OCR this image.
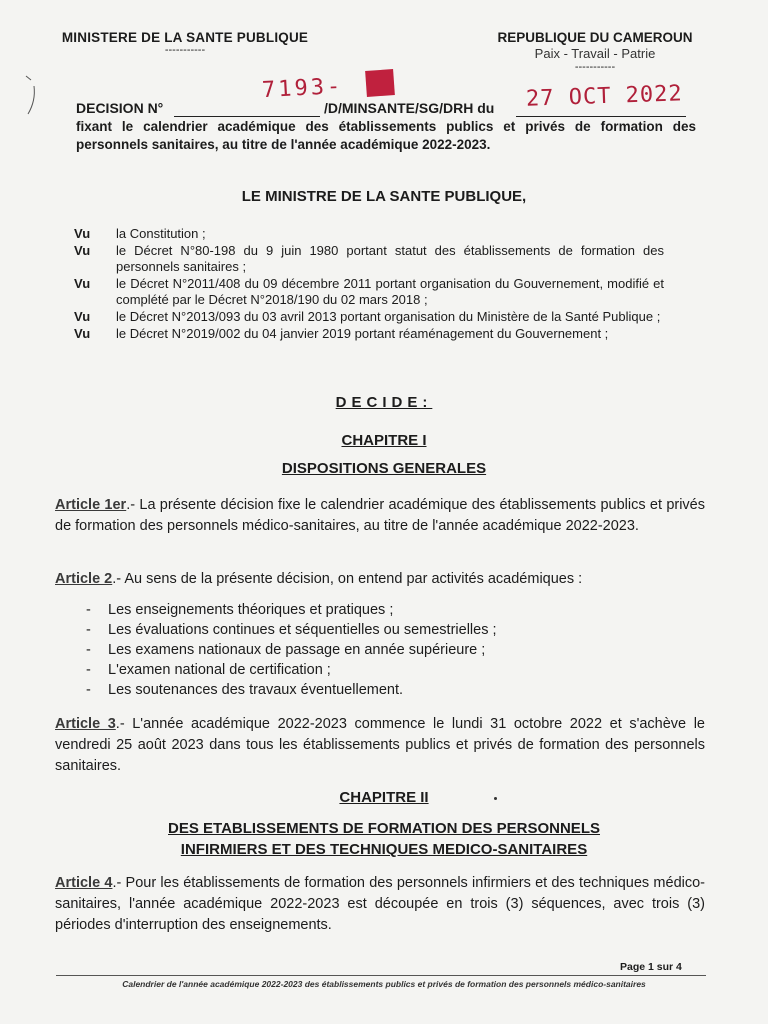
MINISTERE DE LA SANTE PUBLIQUE
-----------
REPUBLIQUE DU CAMEROUN
Paix - Travail - Patrie
-----------
DECISION N°
7193-
/D/MINSANTE/SG/DRH du 27 OCT 2022
fixant le calendrier académique des établissements publics et privés de formation des personnels sanitaires, au titre de l'année académique 2022-2023.
LE MINISTRE DE LA SANTE PUBLIQUE,
Vu	la Constitution ;
Vu	le Décret N°80-198 du 9 juin 1980 portant statut des établissements de formation des personnels sanitaires ;
Vu	le Décret N°2011/408 du 09 décembre 2011 portant organisation du Gouvernement, modifié et complété par le Décret N°2018/190 du 02 mars 2018 ;
Vu	le Décret N°2013/093 du 03 avril 2013 portant organisation du Ministère de la Santé Publique ;
Vu	le Décret N°2019/002 du 04 janvier 2019 portant réaménagement du Gouvernement ;
DECIDE:
CHAPITRE I
DISPOSITIONS GENERALES
Article 1er.- La présente décision fixe le calendrier académique des établissements publics et privés de formation des personnels médico-sanitaires, au titre de l'année académique 2022-2023.
Article 2.- Au sens de la présente décision, on entend par activités académiques :
-	Les enseignements théoriques et pratiques ;
-	Les évaluations continues et séquentielles ou semestrielles ;
-	Les examens nationaux de passage en année supérieure ;
-	L'examen national de certification ;
-	Les soutenances des travaux éventuellement.
Article 3.- L'année académique 2022-2023 commence le lundi 31 octobre 2022 et s'achève le vendredi 25 août 2023 dans tous les établissements publics et privés de formation des personnels sanitaires.
CHAPITRE II
DES ETABLISSEMENTS DE FORMATION DES PERSONNELS
INFIRMIERS ET DES TECHNIQUES MEDICO-SANITAIRES
Article 4.- Pour les établissements de formation des personnels infirmiers et des techniques médico-sanitaires, l'année académique 2022-2023 est découpée en trois (3) séquences, avec trois (3) périodes d'interruption des enseignements.
Page 1 sur 4
Calendrier de l'année académique 2022-2023 des établissements publics et privés de formation des personnels médico-sanitaires
